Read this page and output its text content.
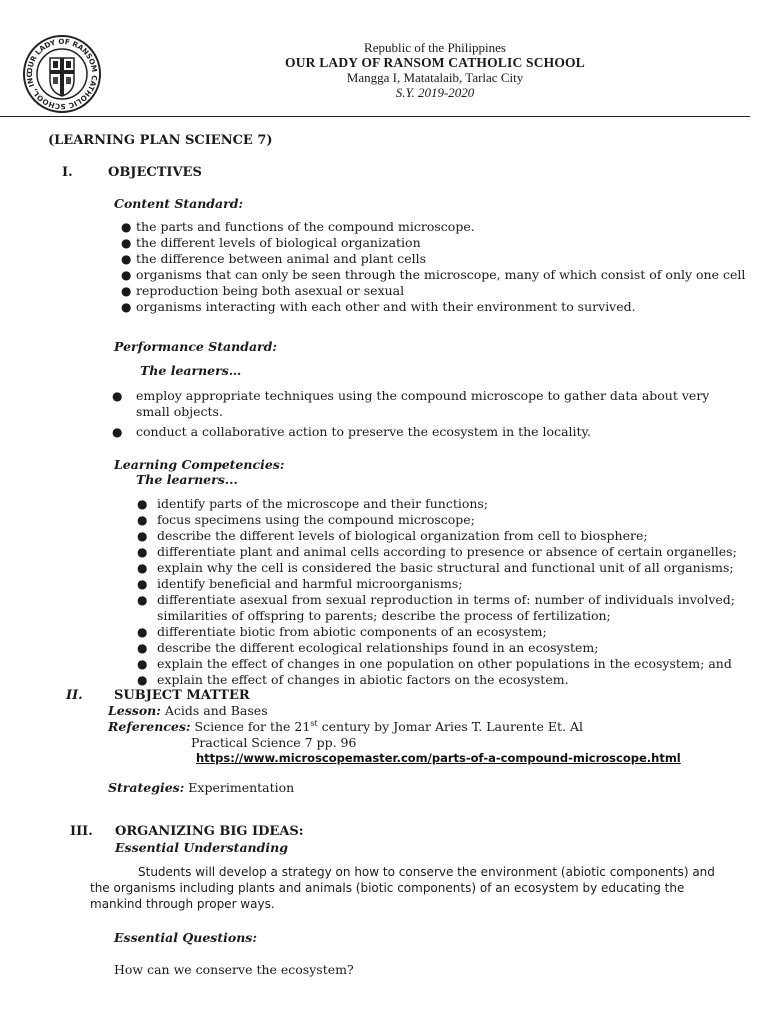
OUR LADY OF RANSOM CATHOLIC SCHOOL, INC
Republic of the Philippines
OUR LADY OF RANSOM CATHOLIC SCHOOL
Mangga I, Matatalaib, Tarlac City
S.Y. 2019-2020
(LEARNING PLAN SCIENCE 7)
I.	OBJECTIVES
Content Standard:
● the parts and functions of the compound microscope.
● the different levels of biological organization
● the difference between animal and plant cells
● organisms that can only be seen through the microscope, many of which consist of only one cell
● reproduction being both asexual or sexual
● organisms interacting with each other and with their environment to survived.
Performance Standard:
The learners…
● employ appropriate techniques using the compound microscope to gather data about very small objects.
● conduct a collaborative action to preserve the ecosystem in the locality.
Learning Competencies:
The learners...
● identify parts of the microscope and their functions;
● focus specimens using the compound microscope;
● describe the different levels of biological organization from cell to biosphere;
● differentiate plant and animal cells according to presence or absence of certain organelles;
● explain why the cell is considered the basic structural and functional unit of all organisms;
● identify beneficial and harmful microorganisms;
● differentiate asexual from sexual reproduction in terms of: number of individuals involved; similarities of offspring to parents; describe the process of fertilization;
● differentiate biotic from abiotic components of an ecosystem;
● describe the different ecological relationships found in an ecosystem;
● explain the effect of changes in one population on other populations in the ecosystem; and
● explain the effect of changes in abiotic factors on the ecosystem.
II. SUBJECT MATTER
Lesson: Acids and Bases
References: Science for the 21st century by Jomar Aries T. Laurente Et. Al
Practical Science 7 pp. 96
https://www.microscopemaster.com/parts-of-a-compound-microscope.html
Strategies: Experimentation
III. ORGANIZING BIG IDEAS:
Essential Understanding
Students will develop a strategy on how to conserve the environment (abiotic components) and the organisms including plants and animals (biotic components) of an ecosystem by educating the mankind through proper ways.
Essential Questions:
How can we conserve the ecosystem?
